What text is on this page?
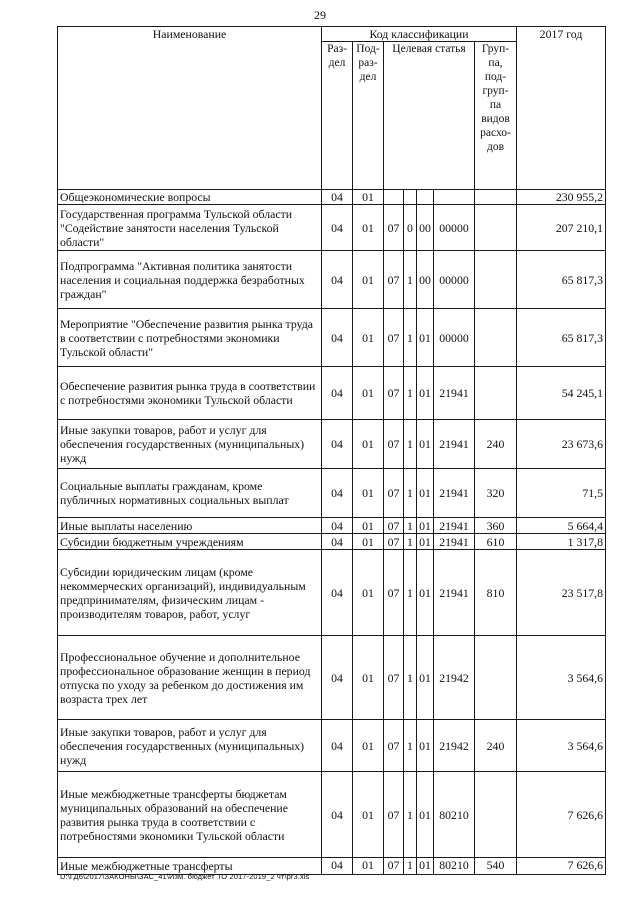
29
Наименование	Код классификации							2017 год
	Раз-дел	Под-раз-дел	Целевая статья				Груп-па, под-груп-па видов расхо-дов	
Общеэкономические вопросы	04	01						230 955,2
Государственная программа Тульской области "Содействие занятости населения Тульской области"	04	01	07	0	00	00000		207 210,1
Подпрограмма "Активная политика занятости населения и социальная поддержка безработных граждан"	04	01	07	1	00	00000		65 817,3
Мероприятие "Обеспечение развития рынка труда в соответствии с потребностями экономики Тульской области"	04	01	07	1	01	00000		65 817,3
Обеспечение развития рынка труда в соответствии с потребностями экономики Тульской области	04	01	07	1	01	21941		54 245,1
Иные закупки товаров, работ и услуг для обеспечения государственных (муниципальных) нужд	04	01	07	1	01	21941	240	23 673,6
Социальные выплаты гражданам, кроме публичных нормативных социальных выплат	04	01	07	1	01	21941	320	71,5
Иные выплаты населению	04	01	07	1	01	21941	360	5 664,4
Субсидии бюджетным учреждениям	04	01	07	1	01	21941	610	1 317,8
Субсидии юридическим лицам (кроме некоммерческих организаций), индивидуальным предпринимателям, физическим лицам - производителям товаров, работ, услуг	04	01	07	1	01	21941	810	23 517,8
Профессиональное обучение и дополнительное профессиональное образование женщин в период отпуска по уходу за ребенком до достижения им возраста трех лет	04	01	07	1	01	21942		3 564,6
Иные закупки товаров, работ и услуг для обеспечения государственных (муниципальных) нужд	04	01	07	1	01	21942	240	3 564,6
Иные межбюджетные трансферты бюджетам муниципальных образований на обеспечение развития рынка труда в соответствии с потребностями экономики Тульской области	04	01	07	1	01	80210		7 626,6
Иные межбюджетные трансферты	04	01	07	1	01	80210	540	7 626,6
D:\ГД6\2017\ЗАКОНЫ\ЗАС_41\Изм. бюджет ТО 2017-2019_2 чт\pr3.xls
